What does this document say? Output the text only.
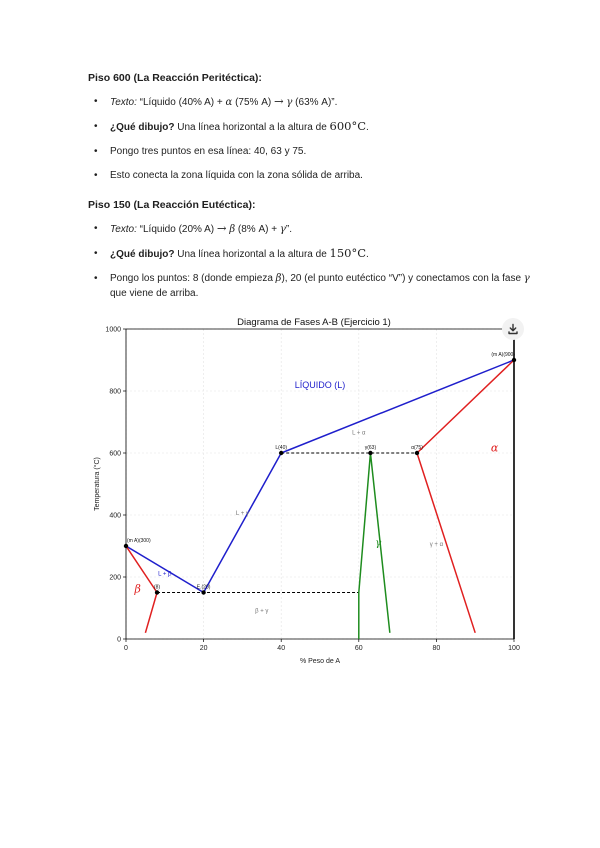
Piso 600 (La Reacción Peritéctica):
• Texto: “Líquido (40% A) + α (75% A) → γ (63% A)”.
• ¿Qué dibujo? Una línea horizontal a la altura de 600°C.
• Pongo tres puntos en esa línea: 40, 63 y 75.
• Esto conecta la zona líquida con la zona sólida de arriba.
Piso 150 (La Reacción Eutéctica):
• Texto: “Líquido (20% A) → β (8% A) + γ”.
• ¿Qué dibujo? Una línea horizontal a la altura de 150°C.
• Pongo los puntos: 8 (donde empieza β), 20 (el punto eutéctico “V”) y conectamos con la fase γ que viene de arriba.
0	20	40	60	80	100
0
200
400
600
800
1000
Diagrama de Fases A-B (Ejercicio 1)
% Peso de A
Temperatura (°C)
(m A)(300)
(8)	E.(20)
L(40)	γ(63)	α(75)
(m A)(900)
LÍQUIDO (L)
L + α
L + γ
L + β
β + γ
γ + α
γ
β
α
